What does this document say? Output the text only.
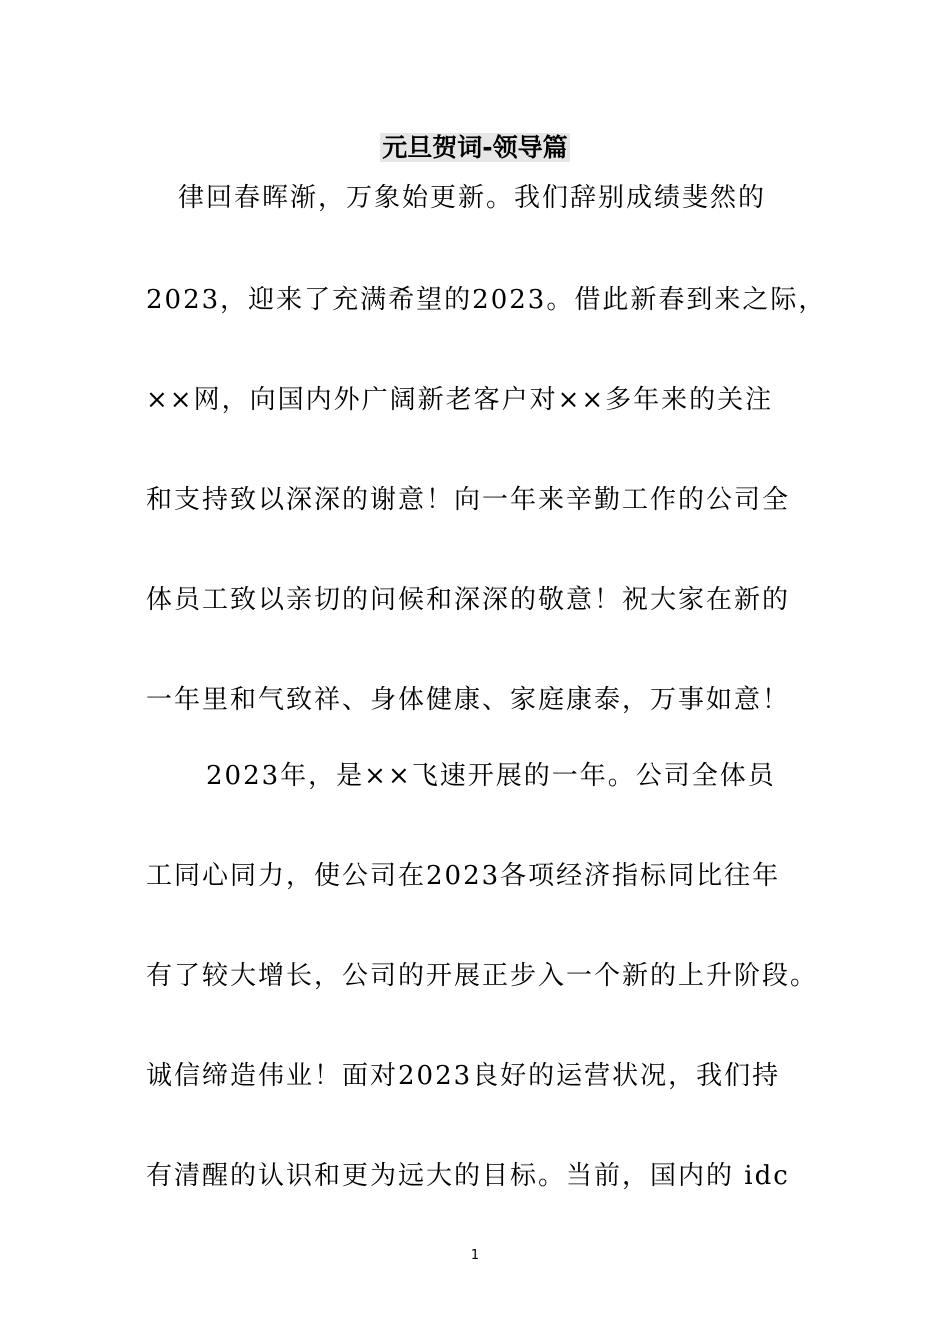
元旦贺词-领导篇
律回春晖渐，万象始更新。我们辞别成绩斐然的
2023，迎来了充满希望的2023。借此新春到来之际，
××网，向国内外广阔新老客户对××多年来的关注
和支持致以深深的谢意！向一年来辛勤工作的公司全
体员工致以亲切的问候和深深的敬意！祝大家在新的
一年里和气致祥、身体健康、家庭康泰，万事如意！
2023年，是××飞速开展的一年。公司全体员
工同心同力，使公司在2023各项经济指标同比往年
有了较大增长，公司的开展正步入一个新的上升阶段。
诚信缔造伟业！面对2023良好的运营状况，我们持
有清醒的认识和更为远大的目标。当前，国内的 idc
1
